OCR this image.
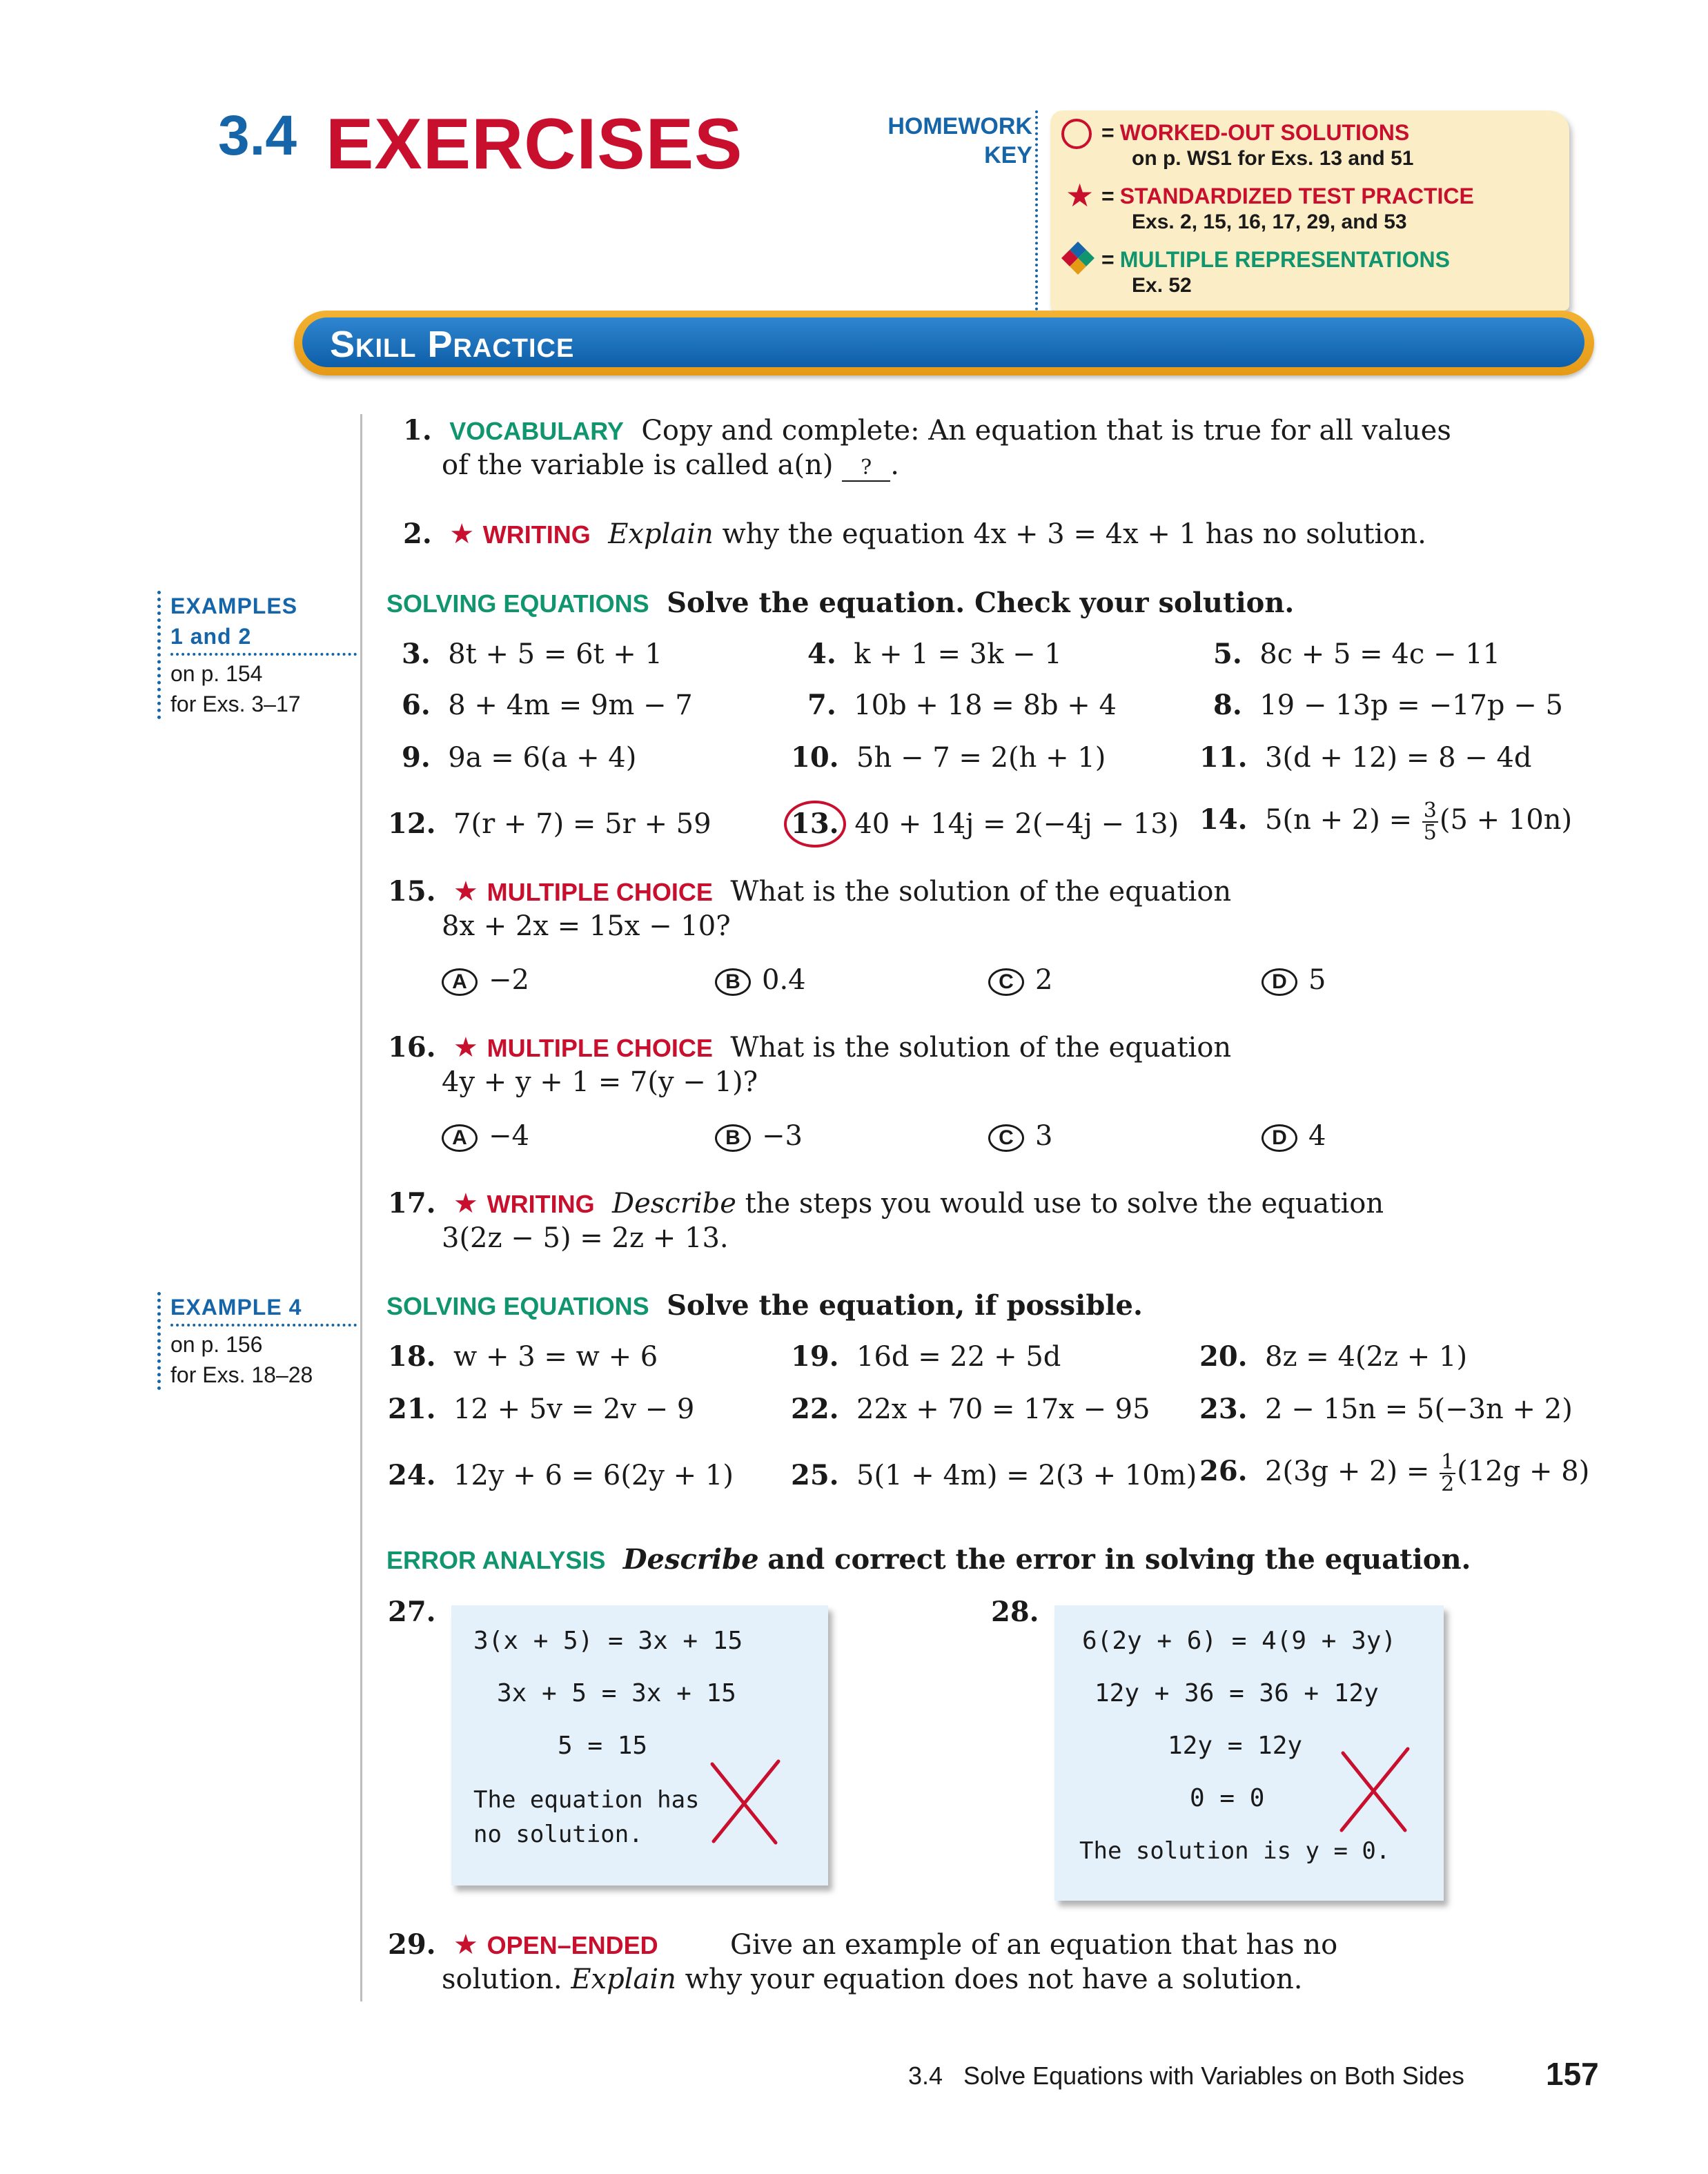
3.4 EXERCISES	HOMEWORK
KEY
= WORKED-OUT SOLUTIONS
on p. WS1 for Exs. 13 and 51
★ = STANDARDIZED TEST PRACTICE
Exs. 2, 15, 16, 17, 29, and 53
= MULTIPLE REPRESENTATIONS
Ex. 52
Skill Practice
EXAMPLES
1 and 2
on p. 154
for Exs. 3–17
EXAMPLE 4
on p. 156
for Exs. 18–28
1. VOCABULARY Copy and complete: An equation that is true for all values
of the variable is called a(n) ? .
2. ★ WRITING Explain why the equation 4x + 3 = 4x + 1 has no solution.
SOLVING EQUATIONS Solve the equation. Check your solution.
3. 8t + 5 = 6t + 1	4. k + 1 = 3k − 1	5. 8c + 5 = 4c − 11
6. 8 + 4m = 9m − 7	7. 10b + 18 = 8b + 4	8. 19 − 13p = −17p − 5
9. 9a = 6(a + 4)	10. 5h − 7 = 2(h + 1)	11. 3(d + 12) = 8 − 4d
12. 7(r + 7) = 5r + 59	13. 40 + 14j = 2(−4j − 13) 14. $5(n + 2) = \frac{3}{5} (5 + 10n)$
15. ★ MULTIPLE CHOICE What is the solution of the equation
8x + 2x = 15x − 10?
A −2	B 0.4	C 2	D 5
16. ★ MULTIPLE CHOICE What is the solution of the equation
4y + y + 1 = 7(y − 1)?
A −4	B −3	C 3	D 4
17. ★ WRITING Describe the steps you would use to solve the equation
3(2z − 5) = 2z + 13.
SOLVING EQUATIONS Solve the equation, if possible.
18. w + 3 = w + 6	19. 16d = 22 + 5d	20. 8z = 4(2z + 1)
21. 12 + 5v = 2v − 9	22. 22x + 70 = 17x − 95 23. 2 − 15n = 5(−3n + 2)
24. 12y + 6 = 6(2y + 1) 25. 5(1 + 4m) = 2(3 + 10m) 26. $2(3g + 2) = \frac{1}{2} (12g + 8)$
ERROR ANALYSIS Describe and correct the error in solving the equation.
27.
3(x + 5) = 3x + 15
3x + 5 = 3x + 15
5 = 15
The equation has
no solution.
28.
6(2y + 6) = 4(9 + 3y)
12y + 36 = 36 + 12y
12y = 12y
0 = 0
The solution is y = 0.
29. ★ OPEN–ENDED	Give an example of an equation that has no
solution. Explain why your equation does not have a solution.
3.4   Solve Equations with Variables on Both Sides	157
